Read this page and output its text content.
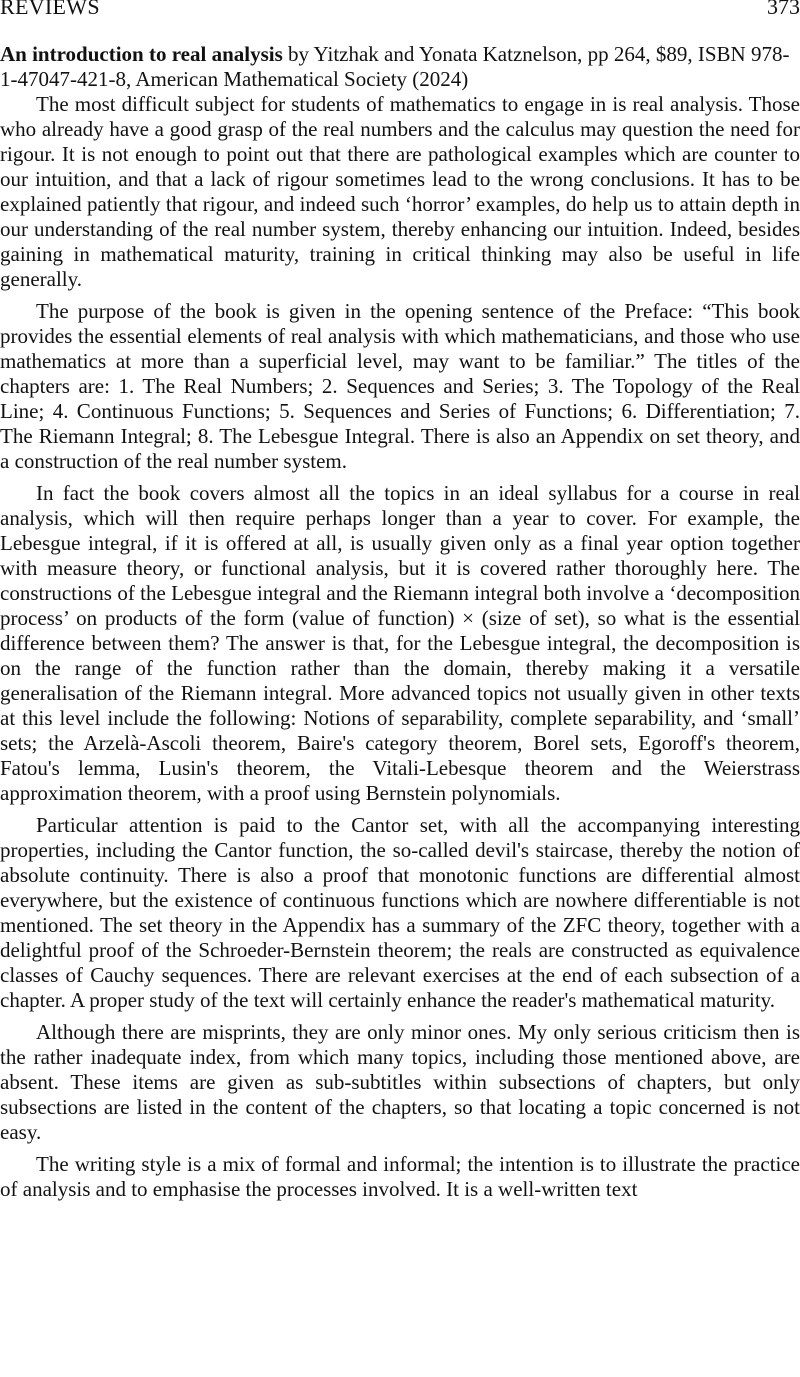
REVIEWS	373

An introduction to real analysis by Yitzhak and Yonata Katznelson, pp 264, $89, ISBN 978-1-47047-421-8, American Mathematical Society (2024)

The most difficult subject for students of mathematics to engage in is real analysis. Those who already have a good grasp of the real numbers and the calculus may question the need for rigour. It is not enough to point out that there are pathological examples which are counter to our intuition, and that a lack of rigour sometimes lead to the wrong conclusions. It has to be explained patiently that rigour, and indeed such ‘horror’ examples, do help us to attain depth in our understanding of the real number system, thereby enhancing our intuition. Indeed, besides gaining in mathematical maturity, training in critical thinking may also be useful in life generally.

The purpose of the book is given in the opening sentence of the Preface: “This book provides the essential elements of real analysis with which mathematicians, and those who use mathematics at more than a superficial level, may want to be familiar.” The titles of the chapters are: 1. The Real Numbers; 2. Sequences and Series; 3. The Topology of the Real Line; 4. Continuous Functions; 5. Sequences and Series of Functions; 6. Differentiation; 7. The Riemann Integral; 8. The Lebesgue Integral. There is also an Appendix on set theory, and a construction of the real number system.

In fact the book covers almost all the topics in an ideal syllabus for a course in real analysis, which will then require perhaps longer than a year to cover. For example, the Lebesgue integral, if it is offered at all, is usually given only as a final year option together with measure theory, or functional analysis, but it is covered rather thoroughly here. The constructions of the Lebesgue integral and the Riemann integral both involve a ‘decomposition process’ on products of the form (value of function) × (size of set), so what is the essential difference between them? The answer is that, for the Lebesgue integral, the decomposition is on the range of the function rather than the domain, thereby making it a versatile generalisation of the Riemann integral. More advanced topics not usually given in other texts at this level include the following: Notions of separability, complete separability, and ‘small’ sets; the Arzelà-Ascoli theorem, Baire's category theorem, Borel sets, Egoroff's theorem, Fatou's lemma, Lusin's theorem, the Vitali-Lebesque theorem and the Weierstrass approximation theorem, with a proof using Bernstein polynomials.

Particular attention is paid to the Cantor set, with all the accompanying interesting properties, including the Cantor function, the so-called devil's staircase, thereby the notion of absolute continuity. There is also a proof that monotonic functions are differential almost everywhere, but the existence of continuous functions which are nowhere differentiable is not mentioned. The set theory in the Appendix has a summary of the ZFC theory, together with a delightful proof of the Schroeder-Bernstein theorem; the reals are constructed as equivalence classes of Cauchy sequences. There are relevant exercises at the end of each subsection of a chapter. A proper study of the text will certainly enhance the reader's mathematical maturity.

Although there are misprints, they are only minor ones. My only serious criticism then is the rather inadequate index, from which many topics, including those mentioned above, are absent. These items are given as sub-subtitles within subsections of chapters, but only subsections are listed in the content of the chapters, so that locating a topic concerned is not easy.

The writing style is a mix of formal and informal; the intention is to illustrate the practice of analysis and to emphasise the processes involved. It is a well-written text
